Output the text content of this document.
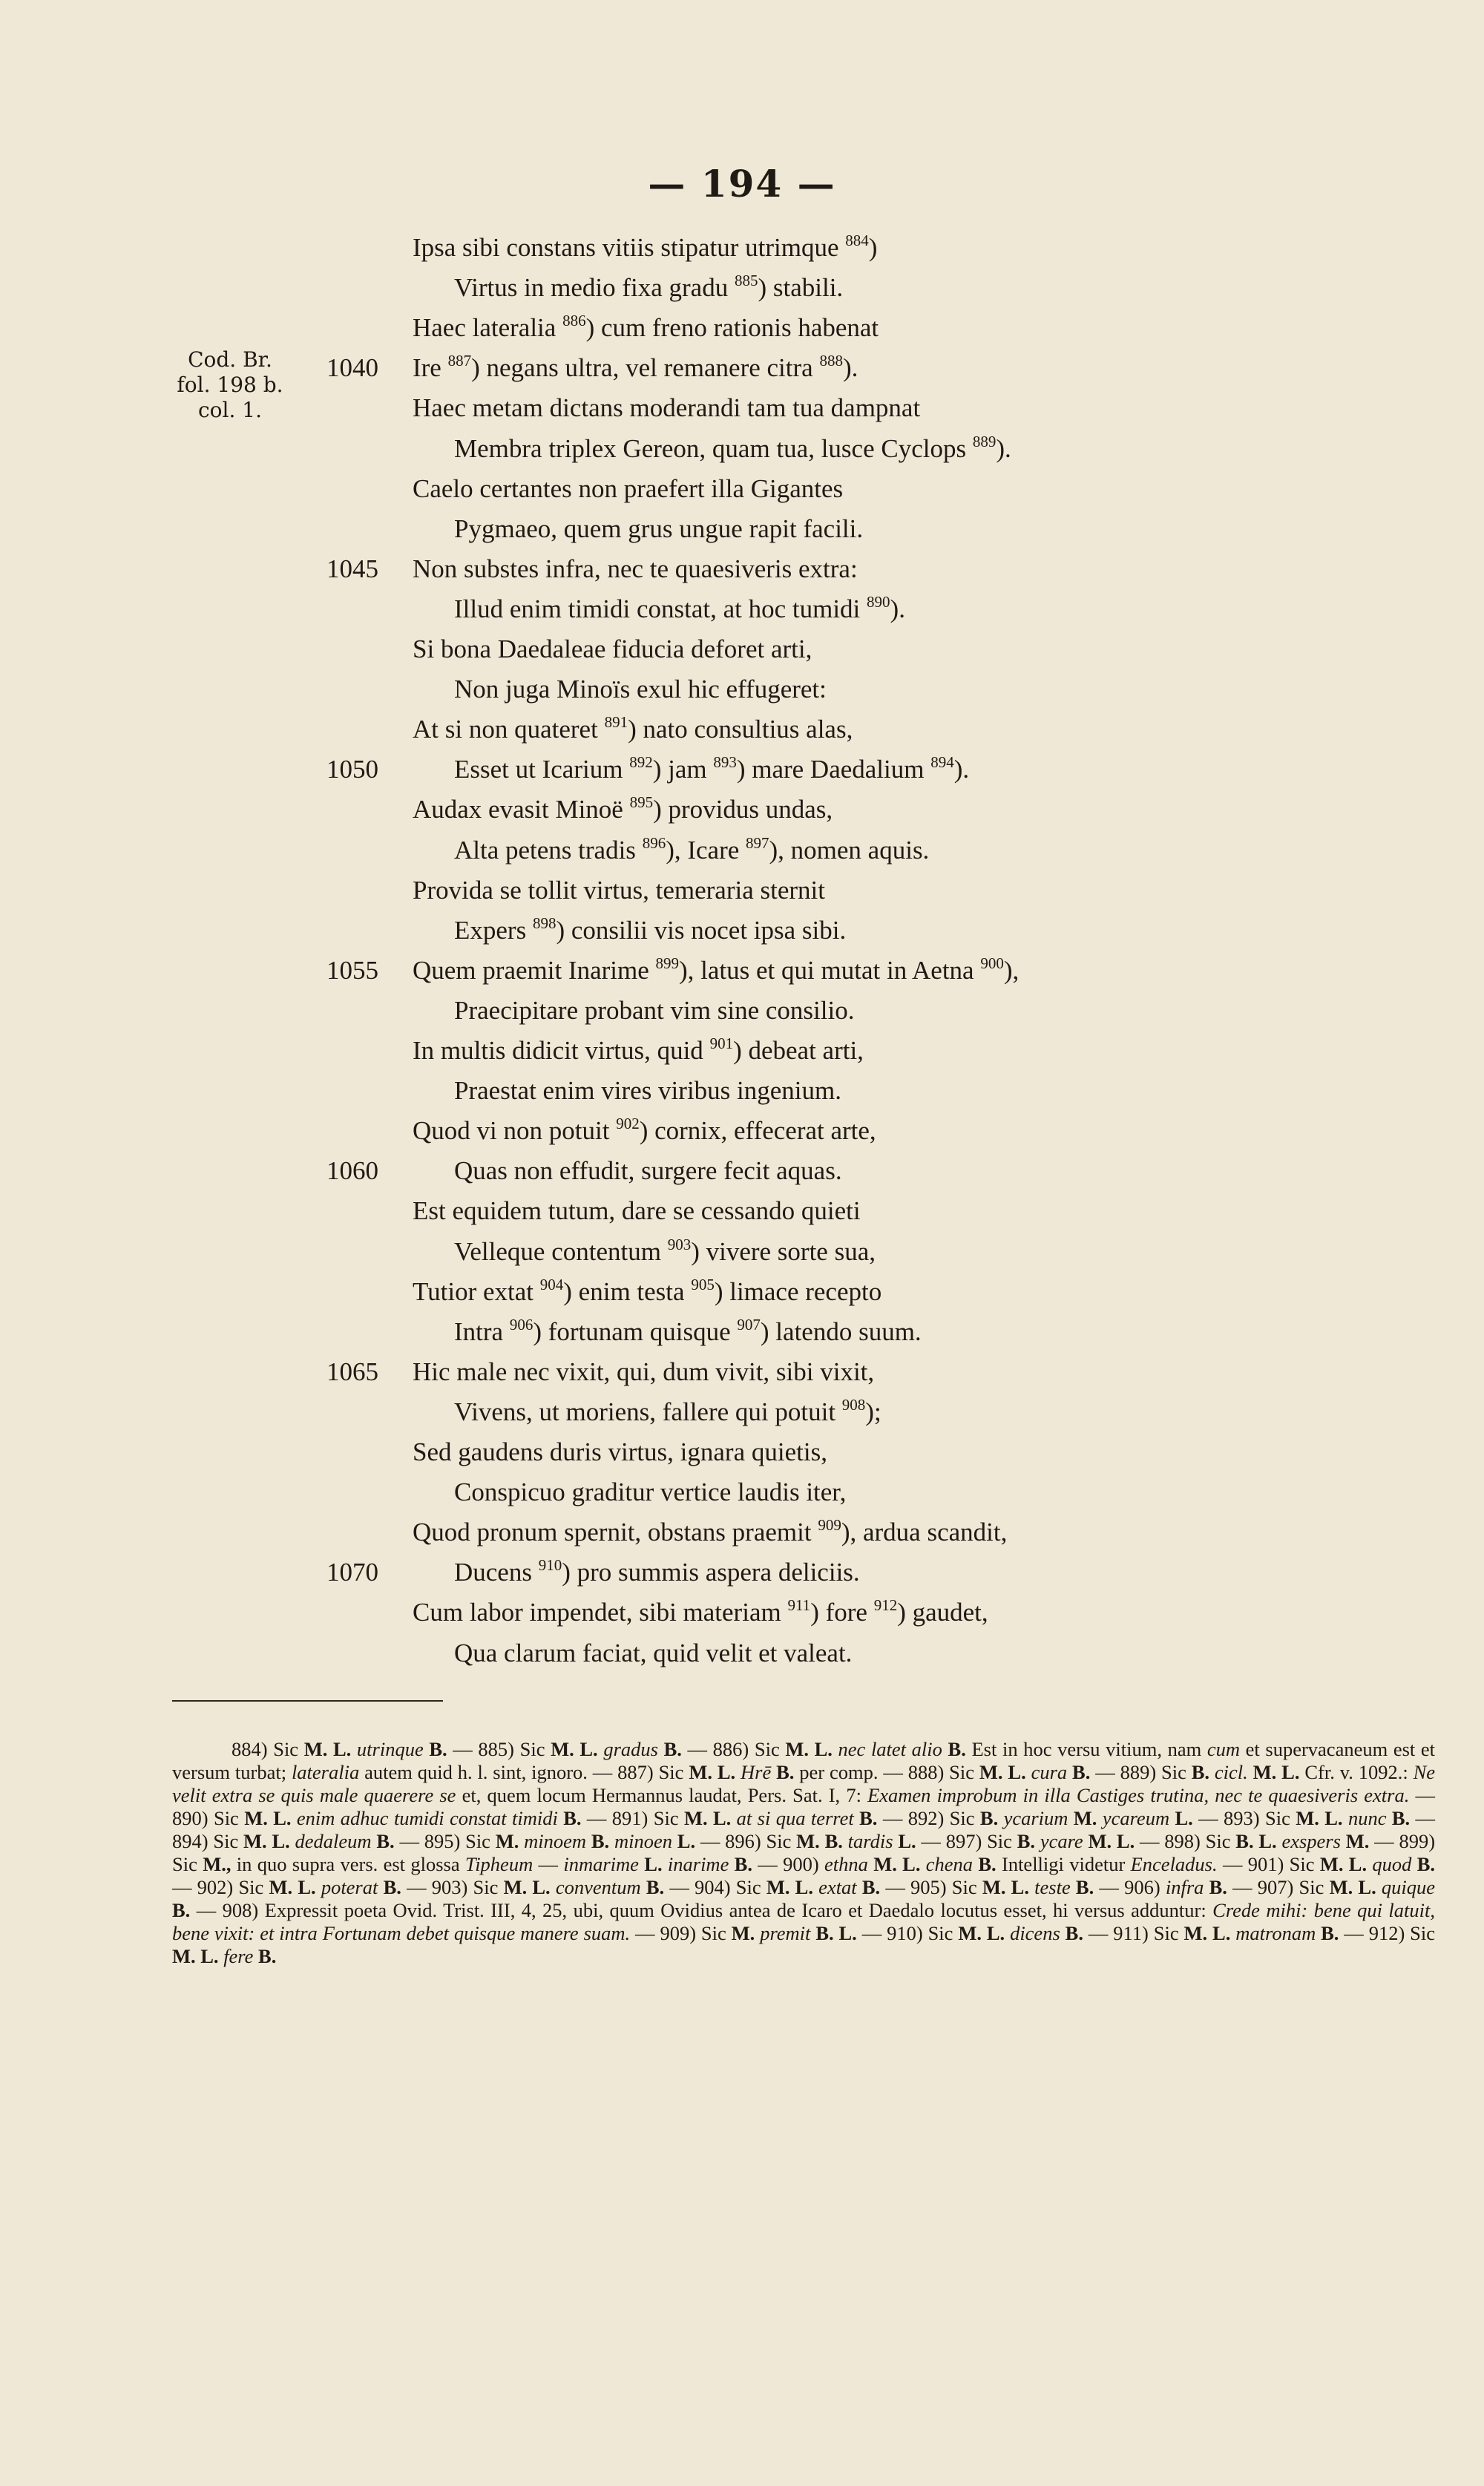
— 194 —
Cod. Br.
fol. 198 b.
col. 1.
Ipsa sibi constans vitiis stipatur utrimque $^{884}$)
Virtus in medio fixa gradu $^{885}$) stabili.
Haec lateralia $^{886}$) cum freno rationis habenat
1040 Ire $^{887}$) negans ultra, vel remanere citra $^{888}$).
Haec metam dictans moderandi tam tua dampnat
Membra triplex Gereon, quam tua, lusce Cyclops $^{889}$).
Caelo certantes non praefert illa Gigantes
Pygmaeo, quem grus ungue rapit facili.
1045 Non substes infra, nec te quaesiveris extra:
Illud enim timidi constat, at hoc tumidi $^{890}$).
Si bona Daedaleae fiducia deforet arti,
Non juga Minoïs exul hic effugeret:
At si non quateret $^{891}$) nato consultius alas,
1050	Esset ut Icarium $^{892}$) jam $^{893}$) mare Daedalium $^{894}$).
Audax evasit Minoë $^{895}$) providus undas,
Alta petens tradis $^{896}$), Icare $^{897}$), nomen aquis.
Provida se tollit virtus, temeraria sternit
Expers $^{898}$) consilii vis nocet ipsa sibi.
1055 Quem praemit Inarime $^{899}$), latus et qui mutat in Aetna $^{900}$),
Praecipitare probant vim sine consilio.
In multis didicit virtus, quid $^{901}$) debeat arti,
Praestat enim vires viribus ingenium.
Quod vi non potuit $^{902}$) cornix, effecerat arte,
1060	Quas non effudit, surgere fecit aquas.
Est equidem tutum, dare se cessando quieti
Velleque contentum $^{903}$) vivere sorte sua,
Tutior extat $^{904}$) enim testa $^{905}$) limace recepto
Intra $^{906}$) fortunam quisque $^{907}$) latendo suum.
1065 Hic male nec vixit, qui, dum vivit, sibi vixit,
Vivens, ut moriens, fallere qui potuit $^{908}$);
Sed gaudens duris virtus, ignara quietis,
Conspicuo graditur vertice laudis iter,
Quod pronum spernit, obstans praemit $^{909}$), ardua scandit,
1070	Ducens $^{910}$) pro summis aspera deliciis.
Cum labor impendet, sibi materiam $^{911}$) fore $^{912}$) gaudet,
Qua clarum faciat, quid velit et valeat.

884) Sic M. L. utrinque B. — 885) Sic M. L. gradus B. — 886) Sic M. L. nec latet alio B. Est in hoc versu vitium, nam cum et supervacaneum est et versum turbat; lateralia autem quid h. l. sint, ignoro. — 887) Sic M. L. Hrē B. per comp. — 888) Sic M. L. cura B. — 889) Sic B. cicl. M. L. Cfr. v. 1092.: Ne velit extra se quis male quaerere se et, quem locum Hermannus laudat, Pers. Sat. I, 7: Examen improbum in illa Castiges trutina, nec te quaesiveris extra. — 890) Sic M. L. enim adhuc tumidi constat timidi B. — 891) Sic M. L. at si qua terret B. — 892) Sic B. ycarium M. ycareum L. — 893) Sic M. L. nunc B. — 894) Sic M. L. dedaleum B. — 895) Sic M. minoem B. minoen L. — 896) Sic M. B. tardis L. — 897) Sic B. ycare M. L. — 898) Sic B. L. exspers M. — 899) Sic M., in quo supra vers. est glossa Tipheum — inmarime L. inarime B. — 900) ethna M. L. chena B. Intelligi videtur Enceladus. — 901) Sic M. L. quod B. — 902) Sic M. L. poterat B. — 903) Sic M. L. conventum B. — 904) Sic M. L. extat B. — 905) Sic M. L. teste B. — 906) infra B. — 907) Sic M. L. quique B. — 908) Expressit poeta Ovid. Trist. III, 4, 25, ubi, quum Ovidius antea de Icaro et Daedalo locutus esset, hi versus adduntur: Crede mihi: bene qui latuit, bene vixit: et intra Fortunam debet quisque manere suam. — 909) Sic M. premit B. L. — 910) Sic M. L. dicens B. — 911) Sic M. L. matronam B. — 912) Sic M. L. fere B.
